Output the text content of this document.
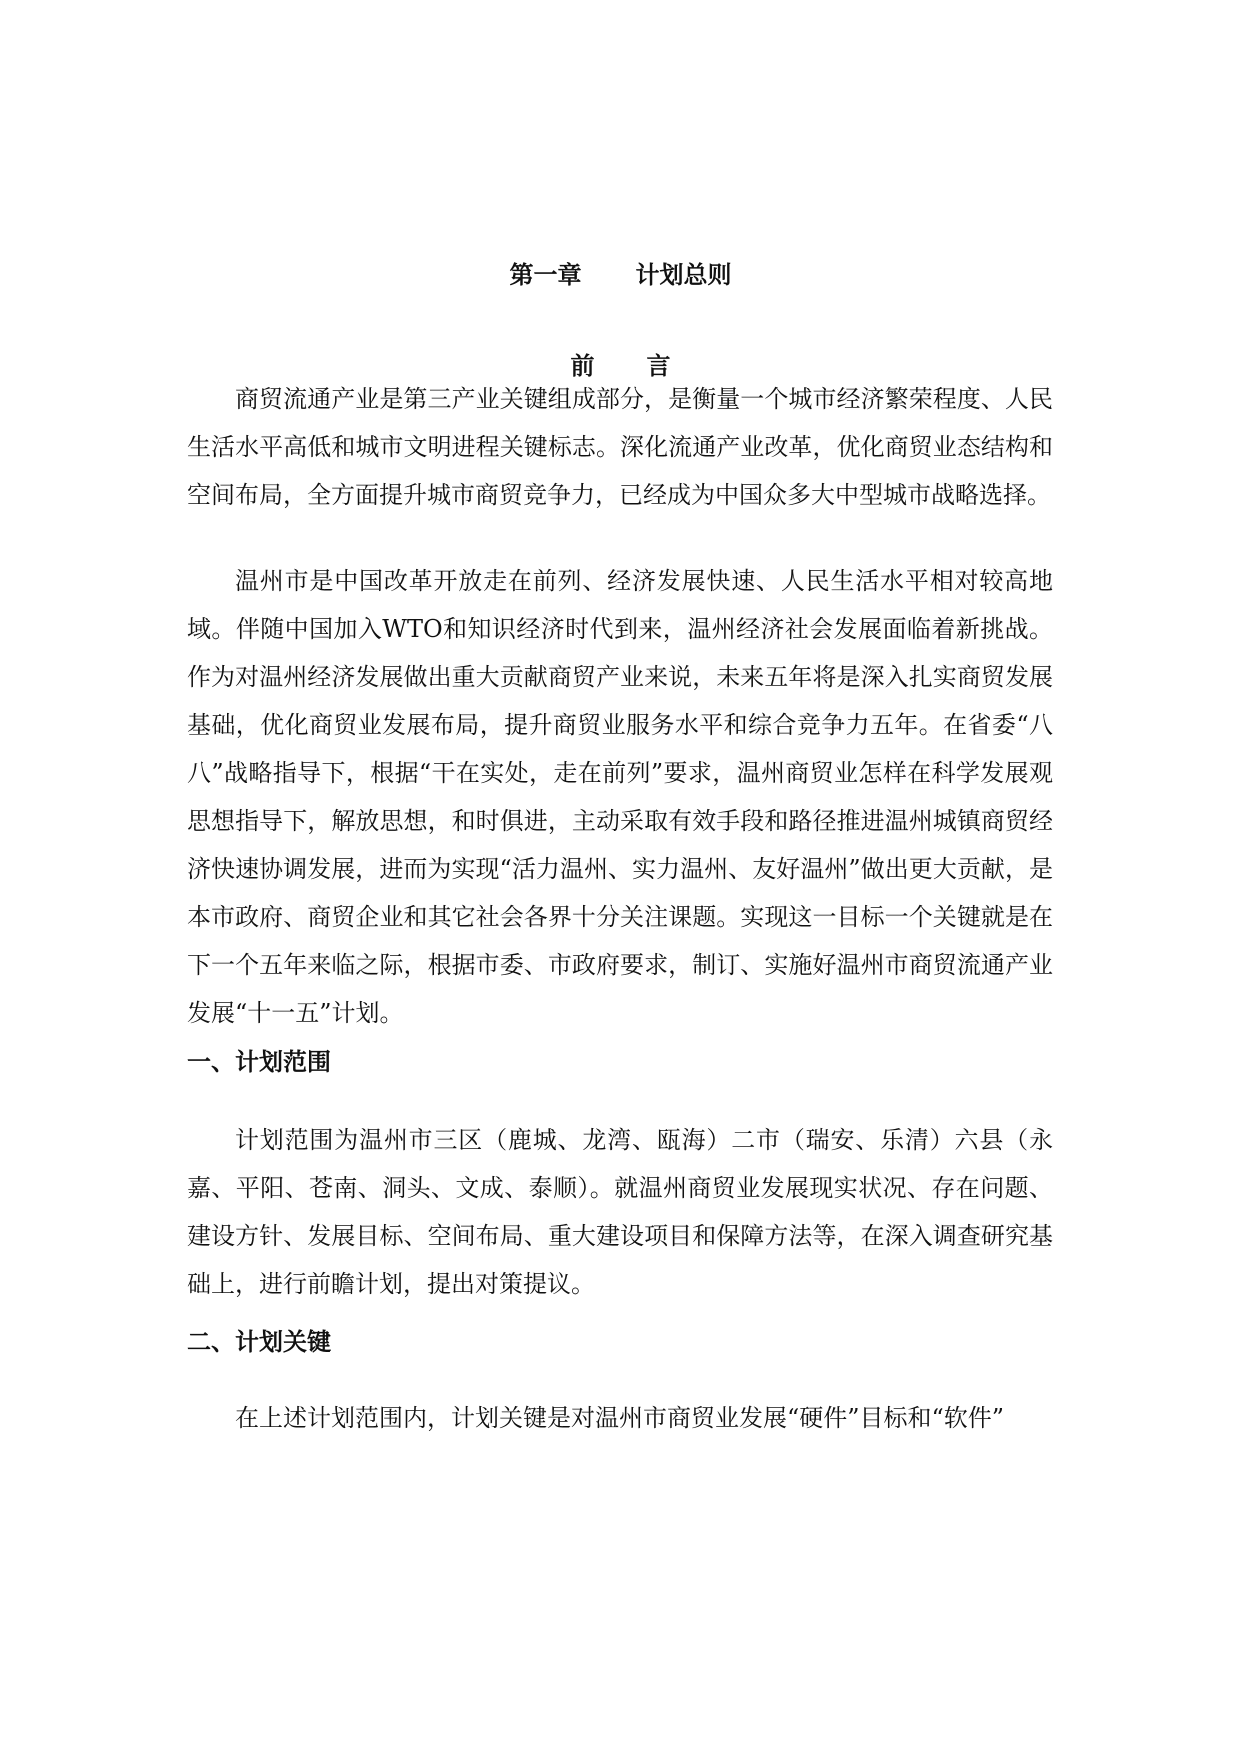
第一章 计划总则
前 言

商贸流通产业是第三产业关键组成部分，是衡量一个城市经济繁荣程度、人民生活水平高低和城市文明进程关键标志。深化流通产业改革，优化商贸业态结构和空间布局，全方面提升城市商贸竞争力，已经成为中国众多大中型城市战略选择。

温州市是中国改革开放走在前列、经济发展快速、人民生活水平相对较高地域。伴随中国加入WTO和知识经济时代到来，温州经济社会发展面临着新挑战。作为对温州经济发展做出重大贡献商贸产业来说，未来五年将是深入扎实商贸发展基础，优化商贸业发展布局，提升商贸业服务水平和综合竞争力五年。在省委“八八”战略指导下，根据“干在实处，走在前列”要求，温州商贸业怎样在科学发展观思想指导下，解放思想，和时俱进，主动采取有效手段和路径推进温州城镇商贸经济快速协调发展，进而为实现“活力温州、实力温州、友好温州”做出更大贡献，是本市政府、商贸企业和其它社会各界十分关注课题。实现这一目标一个关键就是在下一个五年来临之际，根据市委、市政府要求，制订、实施好温州市商贸流通产业发展“十一五”计划。

一、计划范围

计划范围为温州市三区（鹿城、龙湾、瓯海）二市（瑞安、乐清）六县（永嘉、平阳、苍南、洞头、文成、泰顺）。就温州商贸业发展现实状况、存在问题、建设方针、发展目标、空间布局、重大建设项目和保障方法等，在深入调查研究基础上，进行前瞻计划，提出对策提议。

二、计划关键

在上述计划范围内，计划关键是对温州市商贸业发展“硬件”目标和“软件”
